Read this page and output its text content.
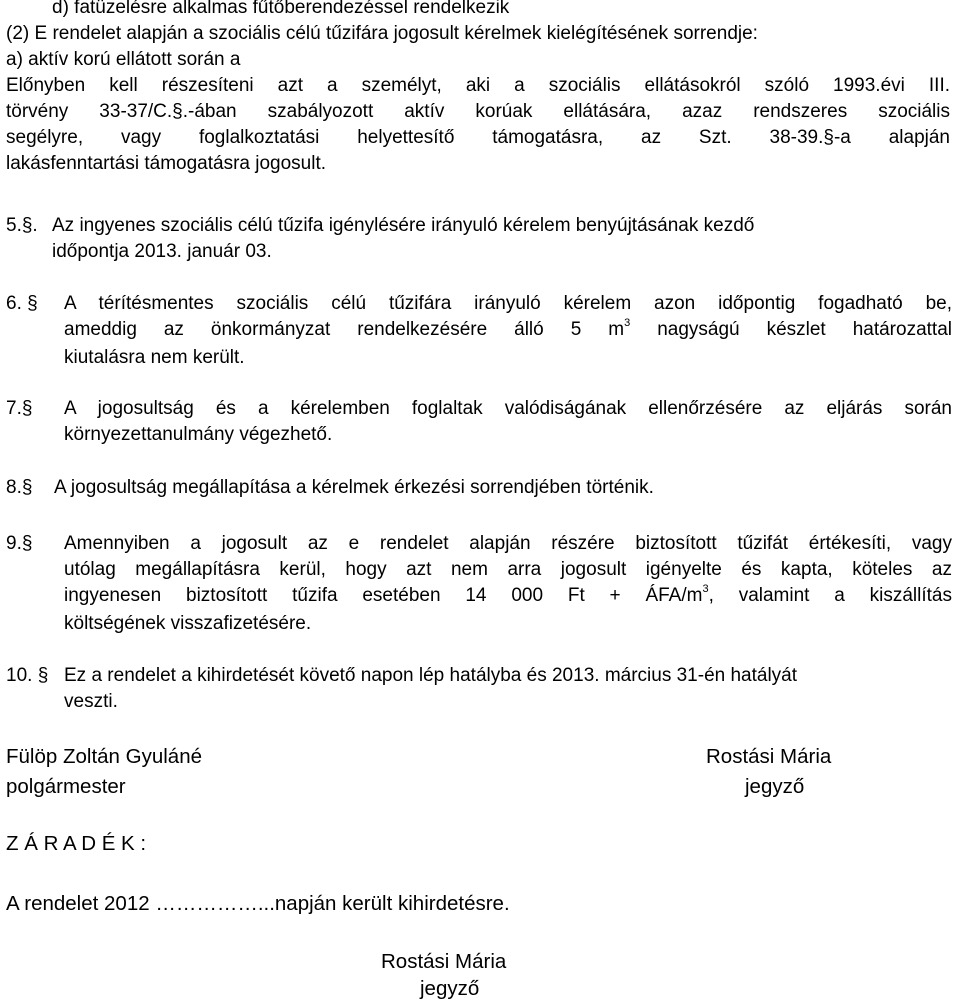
d) fatüzelésre alkalmas fűtőberendezéssel rendelkezik

(2) E rendelet alapján a szociális célú tűzifára jogosult kérelmek kielégítésének sorrendje:

a) aktív korú ellátott során a

Előnyben kell részesíteni azt a személyt, aki a szociális ellátásokról szóló 1993.évi III.
törvény 33-37/C.§.-ában szabályozott aktív korúak ellátására, azaz rendszeres szociális
segélyre, vagy foglalkoztatási helyettesítő támogatásra, az Szt. 38-39.§-a alapján
lakásfenntartási támogatásra jogosult.
5.§. Az ingyenes szociális célú tűzifa igénylésére irányuló kérelem benyújtásának kezdő
időpontja 2013. január 03.
6. § A térítésmentes szociális célú tűzifára irányuló kérelem azon időpontig fogadható be,
ameddig az önkormányzat rendelkezésére álló 5 $m^3$ nagyságú készlet határozattal
kiutalásra nem került.
7.§ A jogosultság és a kérelemben foglaltak valódiságának ellenőrzésére az eljárás során
környezettanulmány végezhető.
8.§ A jogosultság megállapítása a kérelmek érkezési sorrendjében történik.
9.§ Amennyiben a jogosult az e rendelet alapján részére biztosított tűzifát értékesíti, vagy
utólag megállapításra kerül, hogy azt nem arra jogosult igényelte és kapta, köteles az
ingyenesen biztosított tűzifa esetében 14 000 Ft + ÁFA/$m^3$, valamint a kiszállítás
költségének visszafizetésére.
10. § Ez a rendelet a kihirdetését követő napon lép hatályba és 2013. március 31-én hatályát
veszti.
Fülöp Zoltán Gyuláné
polgármester
Rostási Mária
jegyző
Z Á R A D É K :
A rendelet 2012 ……………...napján került kihirdetésre.
Rostási Mária
jegyző
